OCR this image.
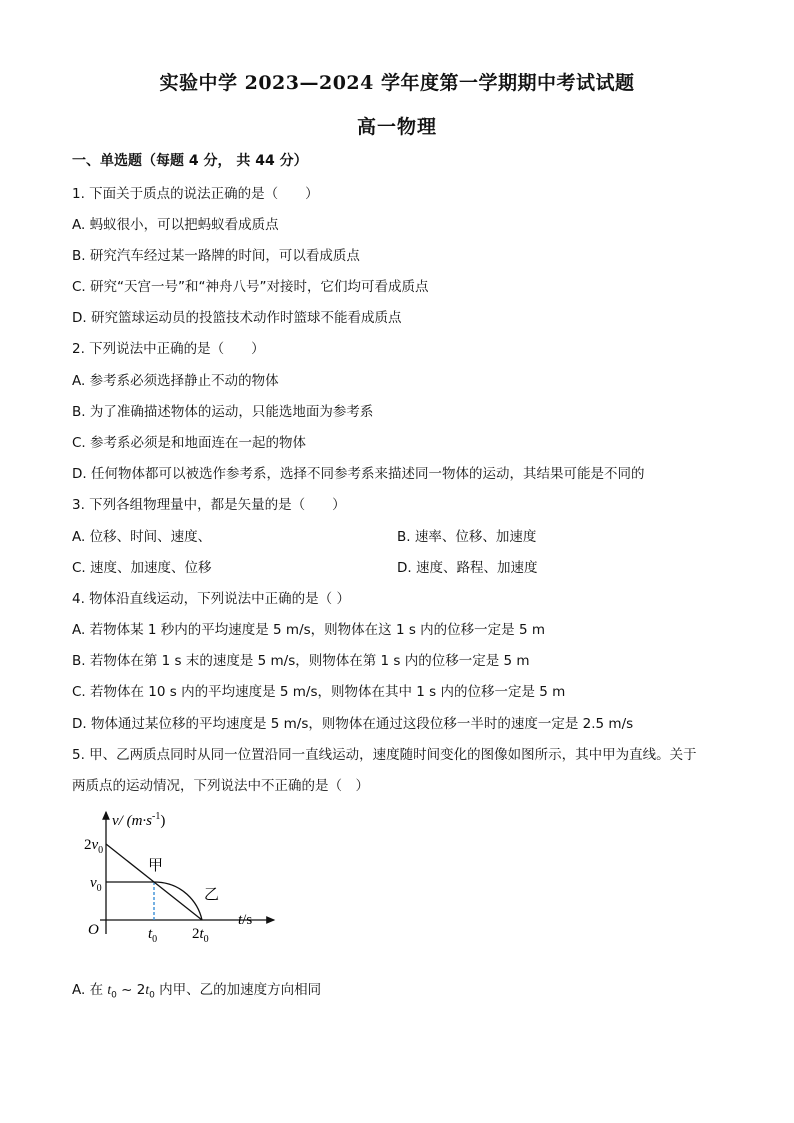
实验中学 2023—2024 学年度第一学期期中考试试题
高一物理
一、单选题（每题 4 分， 共 44 分）
1. 下面关于质点的说法正确的是（　　）
A. 蚂蚁很小，可以把蚂蚁看成质点
B. 研究汽车经过某一路牌的时间，可以看成质点
C. 研究“天宫一号”和“神舟八号”对接时，它们均可看成质点
D. 研究篮球运动员的投篮技术动作时篮球不能看成质点
2. 下列说法中正确的是（　　）
A. 参考系必须选择静止不动的物体
B. 为了准确描述物体的运动，只能选地面为参考系
C. 参考系必须是和地面连在一起的物体
D. 任何物体都可以被选作参考系，选择不同参考系来描述同一物体的运动，其结果可能是不同的
3. 下列各组物理量中，都是矢量的是（　　）
A. 位移、时间、速度、	B. 速率、位移、加速度
C. 速度、加速度、位移	D. 速度、路程、加速度
4. 物体沿直线运动，下列说法中正确的是（ ）
A. 若物体某 1 秒内的平均速度是 5 m/s，则物体在这 1 s 内的位移一定是 5 m
B. 若物体在第 1 s 末的速度是 5 m/s，则物体在第 1 s 内的位移一定是 5 m
C. 若物体在 10 s 内的平均速度是 5 m/s，则物体在其中 1 s 内的位移一定是 5 m
D. 物体通过某位移的平均速度是 5 m/s，则物体在通过这段位移一半时的速度一定是 2.5 m/s
5. 甲、乙两质点同时从同一位置沿同一直线运动，速度随时间变化的图像如图所示，其中甲为直线。关于
两质点的运动情况，下列说法中不正确的是（　）
$2v_0$
$v_0$
$t_0$ $2t_0$
甲
乙
v/ $(m\cdot s^{-1})$
t/s
O
A. 在 $t_0$ ~ $2t_0$ 内甲、乙的加速度方向相同
